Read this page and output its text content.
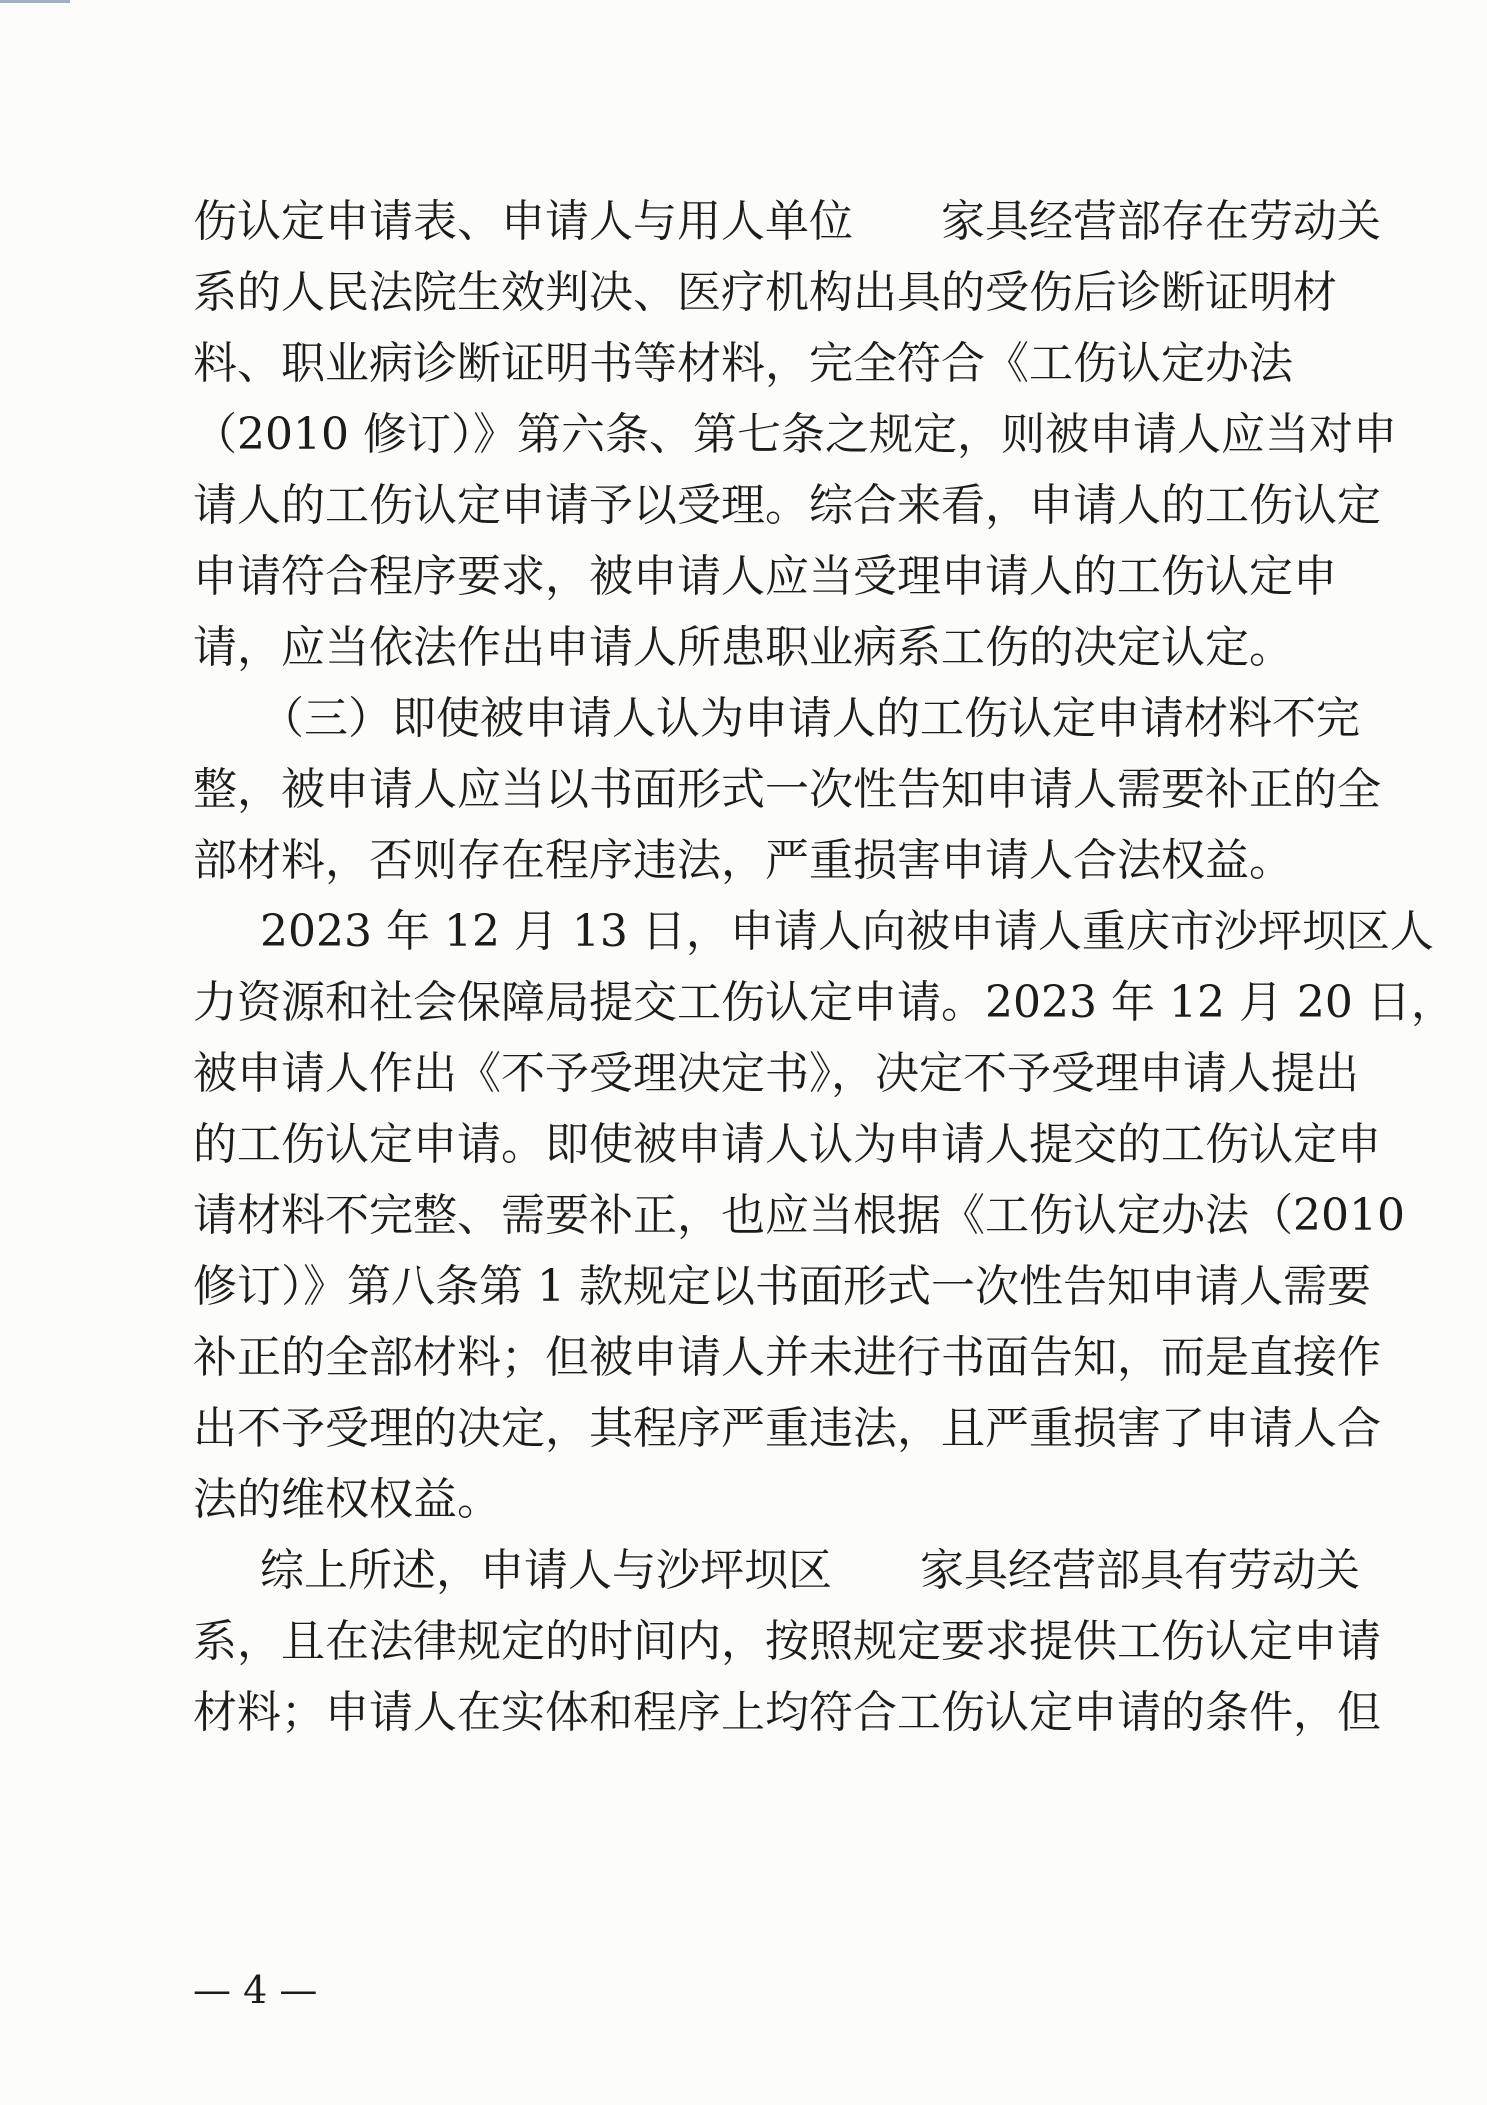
伤认定申请表、申请人与用人单位　　家具经营部存在劳动关
系的人民法院生效判决、医疗机构出具的受伤后诊断证明材
料、职业病诊断证明书等材料，完全符合《工伤认定办法
（2010 修订）》第六条、第七条之规定，则被申请人应当对申
请人的工伤认定申请予以受理。综合来看，申请人的工伤认定
申请符合程序要求，被申请人应当受理申请人的工伤认定申
请，应当依法作出申请人所患职业病系工伤的决定认定。
（三）即使被申请人认为申请人的工伤认定申请材料不完
整，被申请人应当以书面形式一次性告知申请人需要补正的全
部材料，否则存在程序违法，严重损害申请人合法权益。
2023 年 12 月 13 日，申请人向被申请人重庆市沙坪坝区人
力资源和社会保障局提交工伤认定申请。2023 年 12 月 20 日，
被申请人作出《不予受理决定书》，决定不予受理申请人提出
的工伤认定申请。即使被申请人认为申请人提交的工伤认定申
请材料不完整、需要补正，也应当根据《工伤认定办法（2010
修订）》第八条第 1 款规定以书面形式一次性告知申请人需要
补正的全部材料；但被申请人并未进行书面告知，而是直接作
出不予受理的决定，其程序严重违法，且严重损害了申请人合
法的维权权益。
综上所述，申请人与沙坪坝区　　家具经营部具有劳动关
系，且在法律规定的时间内，按照规定要求提供工伤认定申请
材料；申请人在实体和程序上均符合工伤认定申请的条件，但
— 4 —
